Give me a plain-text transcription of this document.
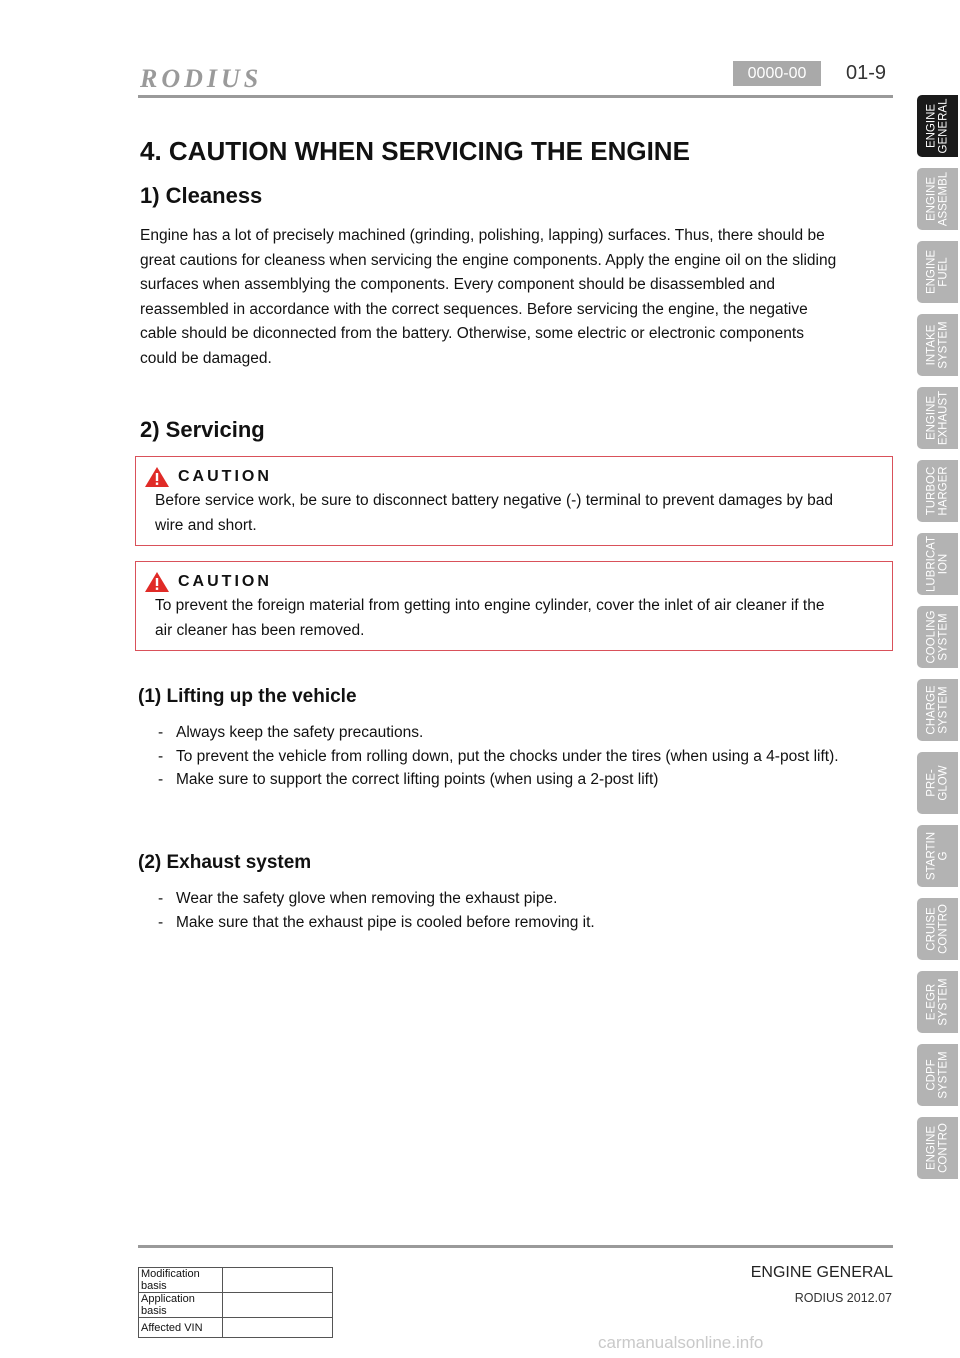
RODIUS	0000-00	01-9
4. CAUTION WHEN SERVICING THE ENGINE
1) Cleaness

Engine has a lot of precisely machined (grinding, polishing, lapping) surfaces. Thus, there should be great cautions for cleaness when servicing the engine components. Apply the engine oil on the sliding surfaces when assemblying the components. Every component should be disassembled and reassembled in accordance with the correct sequences. Before servicing the engine, the negative cable should be diconnected from the battery. Otherwise, some electric or electronic components could be damaged.

2) Servicing
CAUTION

Before service work, be sure to disconnect battery negative (-) terminal to prevent damages by bad wire and short.

CAUTION

To prevent the foreign material from getting into engine cylinder, cover the inlet of air cleaner if the air cleaner has been removed.

(1) Lifting up the vehicle
- Always keep the safety precautions.
- To prevent the vehicle from rolling down, put the chocks under the tires (when using a 4-post lift).
- Make sure to support the correct lifting points (when using a 2-post lift)
(2) Exhaust system
- Wear the safety glove when removing the exhaust pipe.
- Make sure that the exhaust pipe is cooled before removing it.
ENGINE
GENERAL
ENGINE
ASSEMBL
ENGINE
FUEL
INTAKE
SYSTEM
ENGINE
EXHAUST
TURBOC
HARGER
LUBRICAT
ION
COOLING
SYSTEM
CHARGE
SYSTEM
PRE-
GLOW
STARTIN
G
CRUISE
CONTRO
E-EGR
SYSTEM
CDPF
SYSTEM
ENGINE
CONTRO
Modification basis	
Application basis	
Affected VIN	
ENGINE GENERAL
RODIUS 2012.07
carmanualsonline.info
